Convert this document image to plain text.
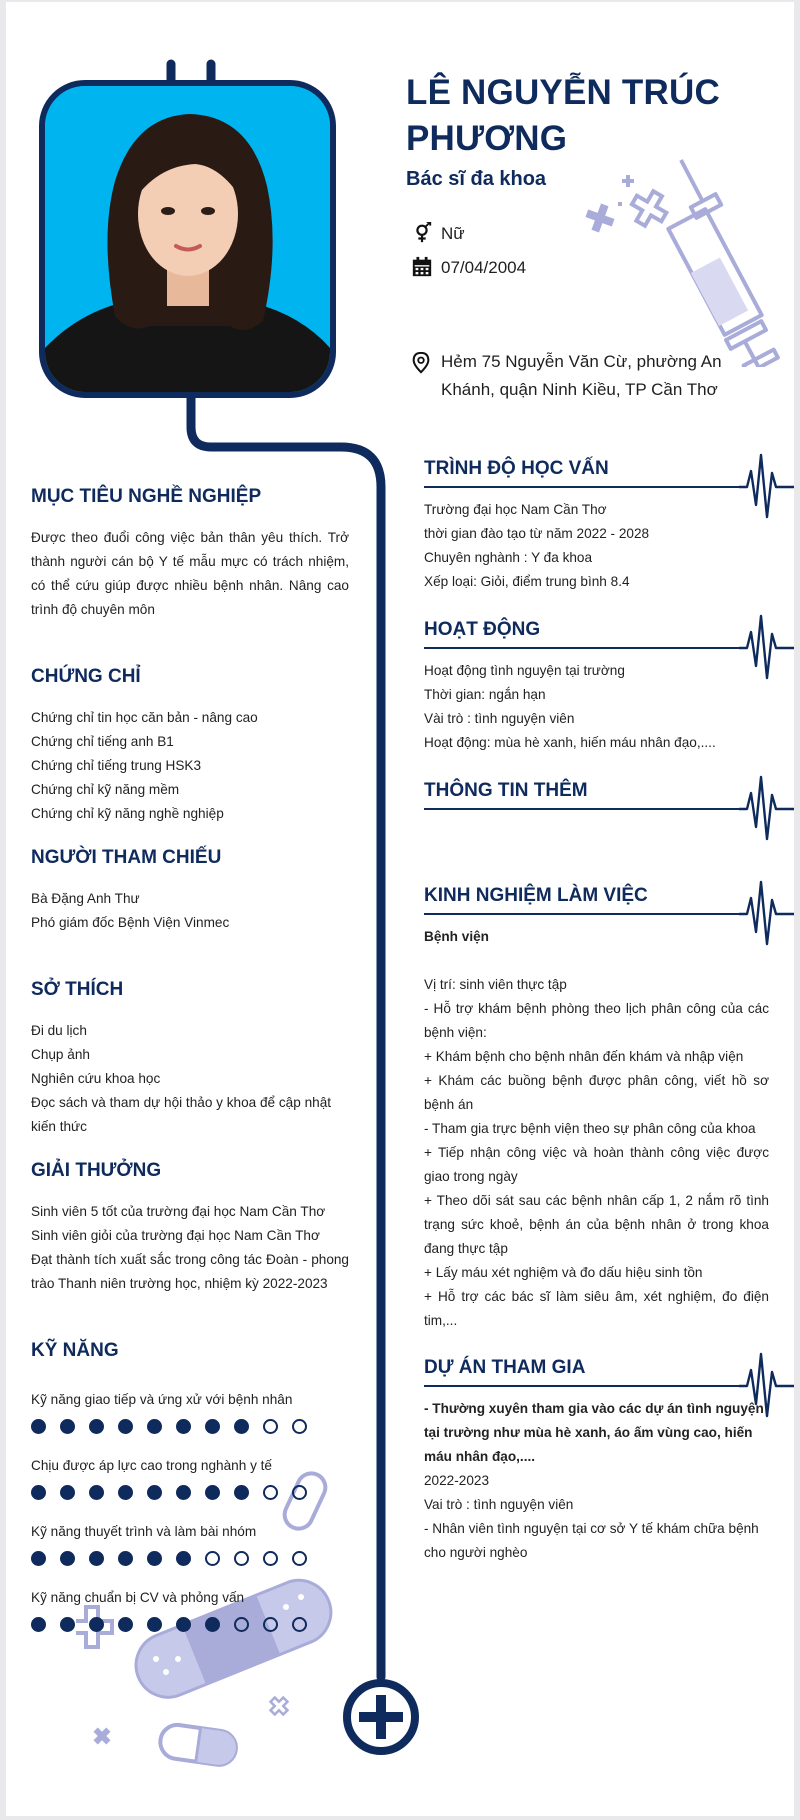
LÊ NGUYỄN TRÚC
PHƯƠNG
Bác sĩ đa khoa
Nữ
07/04/2004
Hẻm 75 Nguyễn Văn Cừ, phường An Khánh, quận Ninh Kiều, TP Cần Thơ
MỤC TIÊU NGHỀ NGHIỆP
Được theo đuổi công việc bản thân yêu thích. Trở thành người cán bộ Y tế mẫu mực có trách nhiệm, có thể cứu giúp được nhiều bệnh nhân. Nâng cao trình độ chuyên môn
CHỨNG CHỈ
Chứng chỉ tin học căn bản - nâng cao
Chứng chỉ tiếng anh B1
Chứng chỉ tiếng trung HSK3
Chứng chỉ kỹ năng mềm
Chứng chỉ kỹ năng nghề nghiệp
NGƯỜI THAM CHIẾU
Bà Đặng Anh Thư
Phó giám đốc Bệnh Viện Vinmec
SỞ THÍCH
Đi du lịch
Chụp ảnh
Nghiên cứu khoa học
Đọc sách và tham dự hội thảo y khoa để cập nhật kiến thức
GIẢI THƯỞNG
Sinh viên 5 tốt của trường đại học Nam Cần Thơ
Sinh viên giỏi của trường đại học Nam Cần Thơ
Đạt thành tích xuất sắc trong công tác Đoàn - phong trào Thanh niên trường học, nhiệm kỳ 2022-2023
KỸ NĂNG
Kỹ năng giao tiếp và ứng xử với bệnh nhân
Chịu được áp lực cao trong nghành y tế
Kỹ năng thuyết trình và làm bài nhóm
Kỹ năng chuẩn bị CV và phỏng vấn
TRÌNH ĐỘ HỌC VẤN
Trường đại học Nam Cần Thơ
thời gian đào tạo từ năm 2022 - 2028
Chuyên nghành : Y đa khoa
Xếp loại: Giỏi, điểm trung bình 8.4
HOẠT ĐỘNG
Hoạt động tình nguyện tại trường
Thời gian: ngắn hạn
Vài trò : tình nguyện viên
Hoạt động: mùa hè xanh, hiến máu nhân đạo,....
THÔNG TIN THÊM
KINH NGHIỆM LÀM VIỆC
Bệnh viện
Vị trí: sinh viên thực tập
- Hỗ trợ khám bệnh phòng theo lịch phân công của các bệnh viện:
+ Khám bệnh cho bệnh nhân đến khám và nhập viện
+ Khám các buồng bệnh được phân công, viết hồ sơ bệnh án
- Tham gia trực bệnh viện theo sự phân công của khoa
+ Tiếp nhận công việc và hoàn thành công việc được giao trong ngày
+ Theo dõi sát sau các bệnh nhân cấp 1, 2 nắm rõ tình trạng sức khoẻ, bệnh án của bệnh nhân ở trong khoa đang thực tập
+ Lấy máu xét nghiệm và đo dấu hiệu sinh tồn
+ Hỗ trợ các bác sĩ làm siêu âm, xét nghiệm, đo điện tim,...
DỰ ÁN THAM GIA
- Thường xuyên tham gia vào các dự án tình nguyện tại trường như mùa hè xanh, áo ấm vùng cao, hiến máu nhân đạo,....
2022-2023
Vai trò : tình nguyện viên
- Nhân viên tình nguyện tại cơ sở Y tế khám chữa bệnh cho người nghèo
